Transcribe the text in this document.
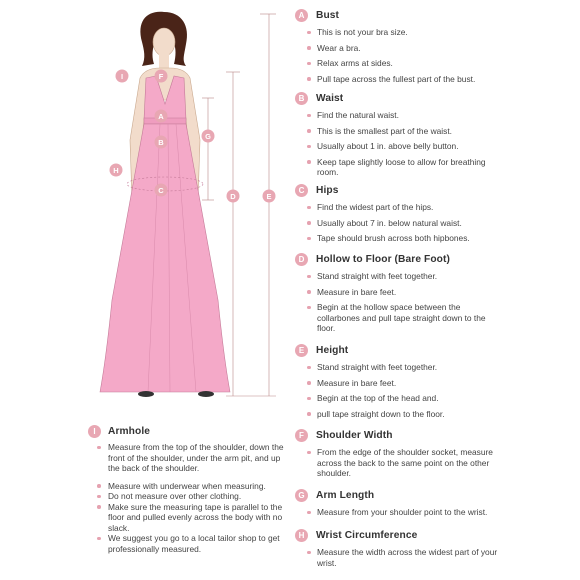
A
B
C
D	E
F
G
H
I
A	Bust
This is not your bra size.
Wear a bra.
Relax arms at sides.
Pull tape across the fullest part of the bust.
B	Waist
Find the natural waist.
This is the smallest part of the waist.
Usually about 1 in. above belly button.
Keep tape slightly loose to allow for breathing room.
C	Hips
Find the widest part of the hips.
Usually about 7 in. below natural waist.
Tape should brush across both hipbones.
D	Hollow to Floor (Bare Foot)
Stand straight with feet together.
Measure in bare feet.
Begin at the hollow space between the collarbones and pull tape straight down to the floor.
E	Height
Stand straight with feet together.
Measure in bare feet.
Begin at the top of the head and.
pull tape straight down to the floor.
F	Shoulder Width
From the edge of the shoulder socket, measure across the back to the same point on the other shoulder.
G	Arm Length
Measure from your shoulder point to the wrist.
H	Wrist Circumference
Measure the width across the widest part of your wrist.
I	Armhole
Measure from the top of the shoulder, down the front of the shoulder, under the arm pit, and up the back of the shoulder.
Measure with underwear when measuring.
Do not measure over other clothing.
Make sure the measuring tape is parallel to the floor and pulled evenly across the body with no slack.
We suggest you go to a local tailor shop to get professionally measured.
